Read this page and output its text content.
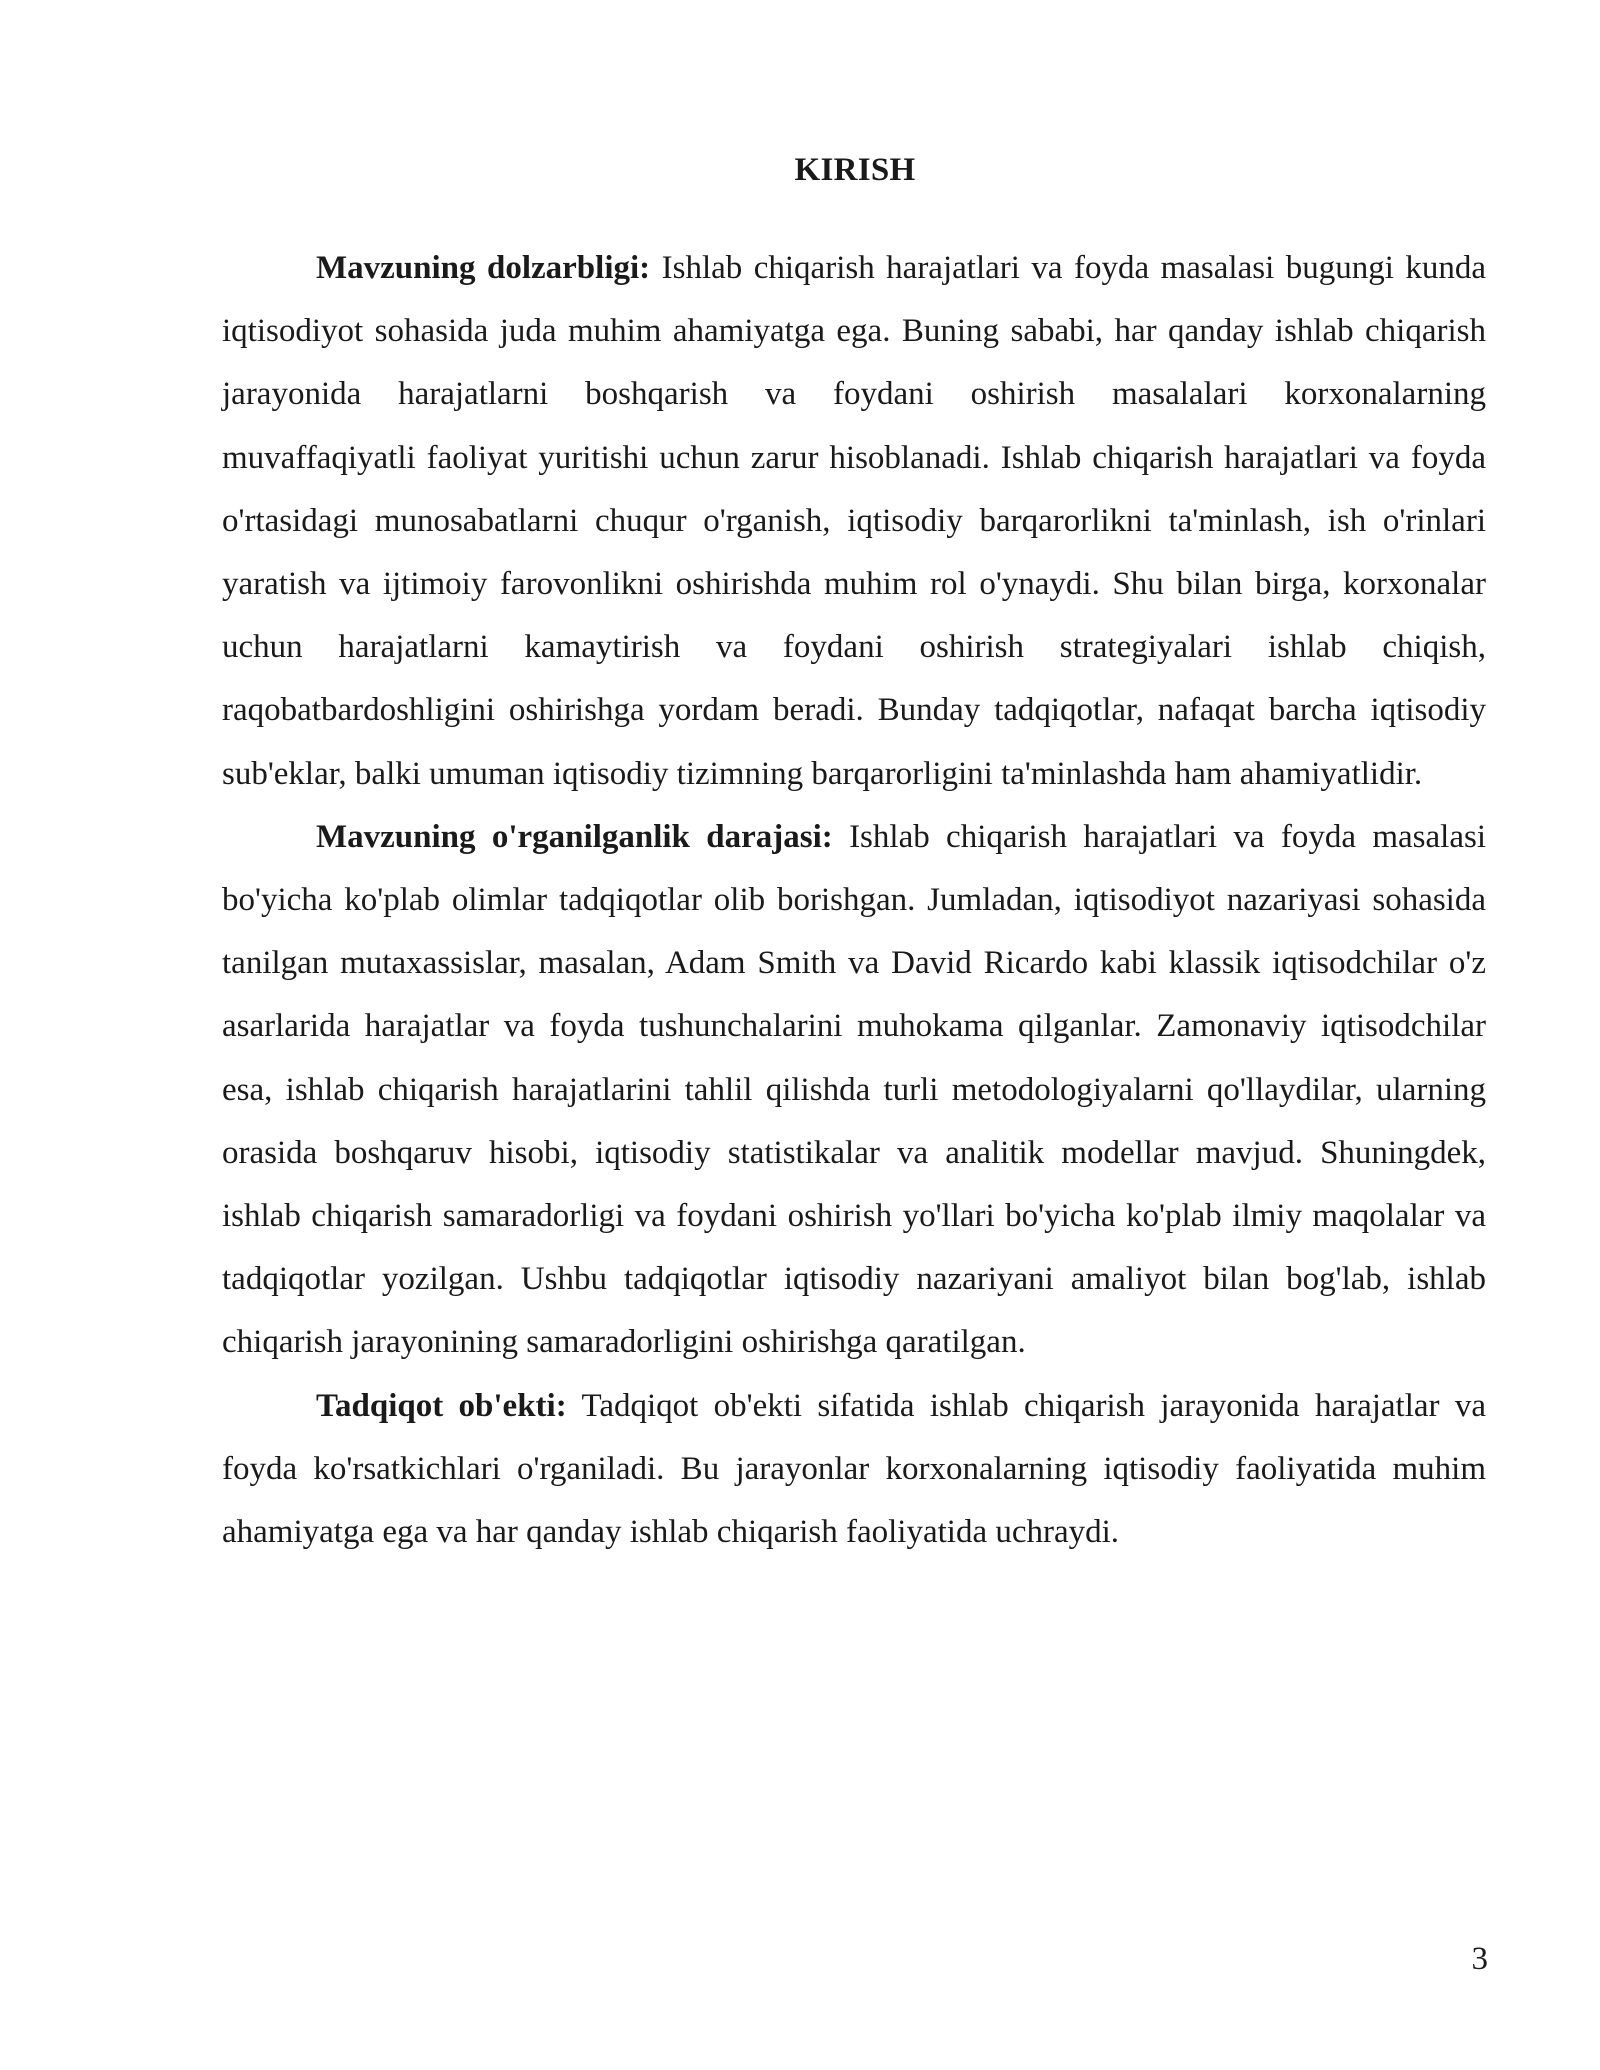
KIRISH

Mavzuning dolzarbligi: Ishlab chiqarish harajatlari va foyda masalasi bugungi kunda iqtisodiyot sohasida juda muhim ahamiyatga ega. Buning sababi, har qanday ishlab chiqarish jarayonida harajatlarni boshqarish va foydani oshirish masalalari korxonalarning muvaffaqiyatli faoliyat yuritishi uchun zarur hisoblanadi. Ishlab chiqarish harajatlari va foyda o'rtasidagi munosabatlarni chuqur o'rganish, iqtisodiy barqarorlikni ta'minlash, ish o'rinlari yaratish va ijtimoiy farovonlikni oshirishda muhim rol o'ynaydi. Shu bilan birga, korxonalar uchun harajatlarni kamaytirish va foydani oshirish strategiyalari ishlab chiqish, raqobatbardoshligini oshirishga yordam beradi. Bunday tadqiqotlar, nafaqat barcha iqtisodiy sub'eklar, balki umuman iqtisodiy tizimning barqarorligini ta'minlashda ham ahamiyatlidir.

Mavzuning o'rganilganlik darajasi: Ishlab chiqarish harajatlari va foyda masalasi bo'yicha ko'plab olimlar tadqiqotlar olib borishgan. Jumladan, iqtisodiyot nazariyasi sohasida tanilgan mutaxassislar, masalan, Adam Smith va David Ricardo kabi klassik iqtisodchilar o'z asarlarida harajatlar va foyda tushunchalarini muhokama qilganlar. Zamonaviy iqtisodchilar esa, ishlab chiqarish harajatlarini tahlil qilishda turli metodologiyalarni qo'llaydilar, ularning orasida boshqaruv hisobi, iqtisodiy statistikalar va analitik modellar mavjud. Shuningdek, ishlab chiqarish samaradorligi va foydani oshirish yo'llari bo'yicha ko'plab ilmiy maqolalar va tadqiqotlar yozilgan. Ushbu tadqiqotlar iqtisodiy nazariyani amaliyot bilan bog'lab, ishlab chiqarish jarayonining samaradorligini oshirishga qaratilgan.

Tadqiqot ob'ekti: Tadqiqot ob'ekti sifatida ishlab chiqarish jarayonida harajatlar va foyda ko'rsatkichlari o'rganiladi. Bu jarayonlar korxonalarning iqtisodiy faoliyatida muhim ahamiyatga ega va har qanday ishlab chiqarish faoliyatida uchraydi.

3
